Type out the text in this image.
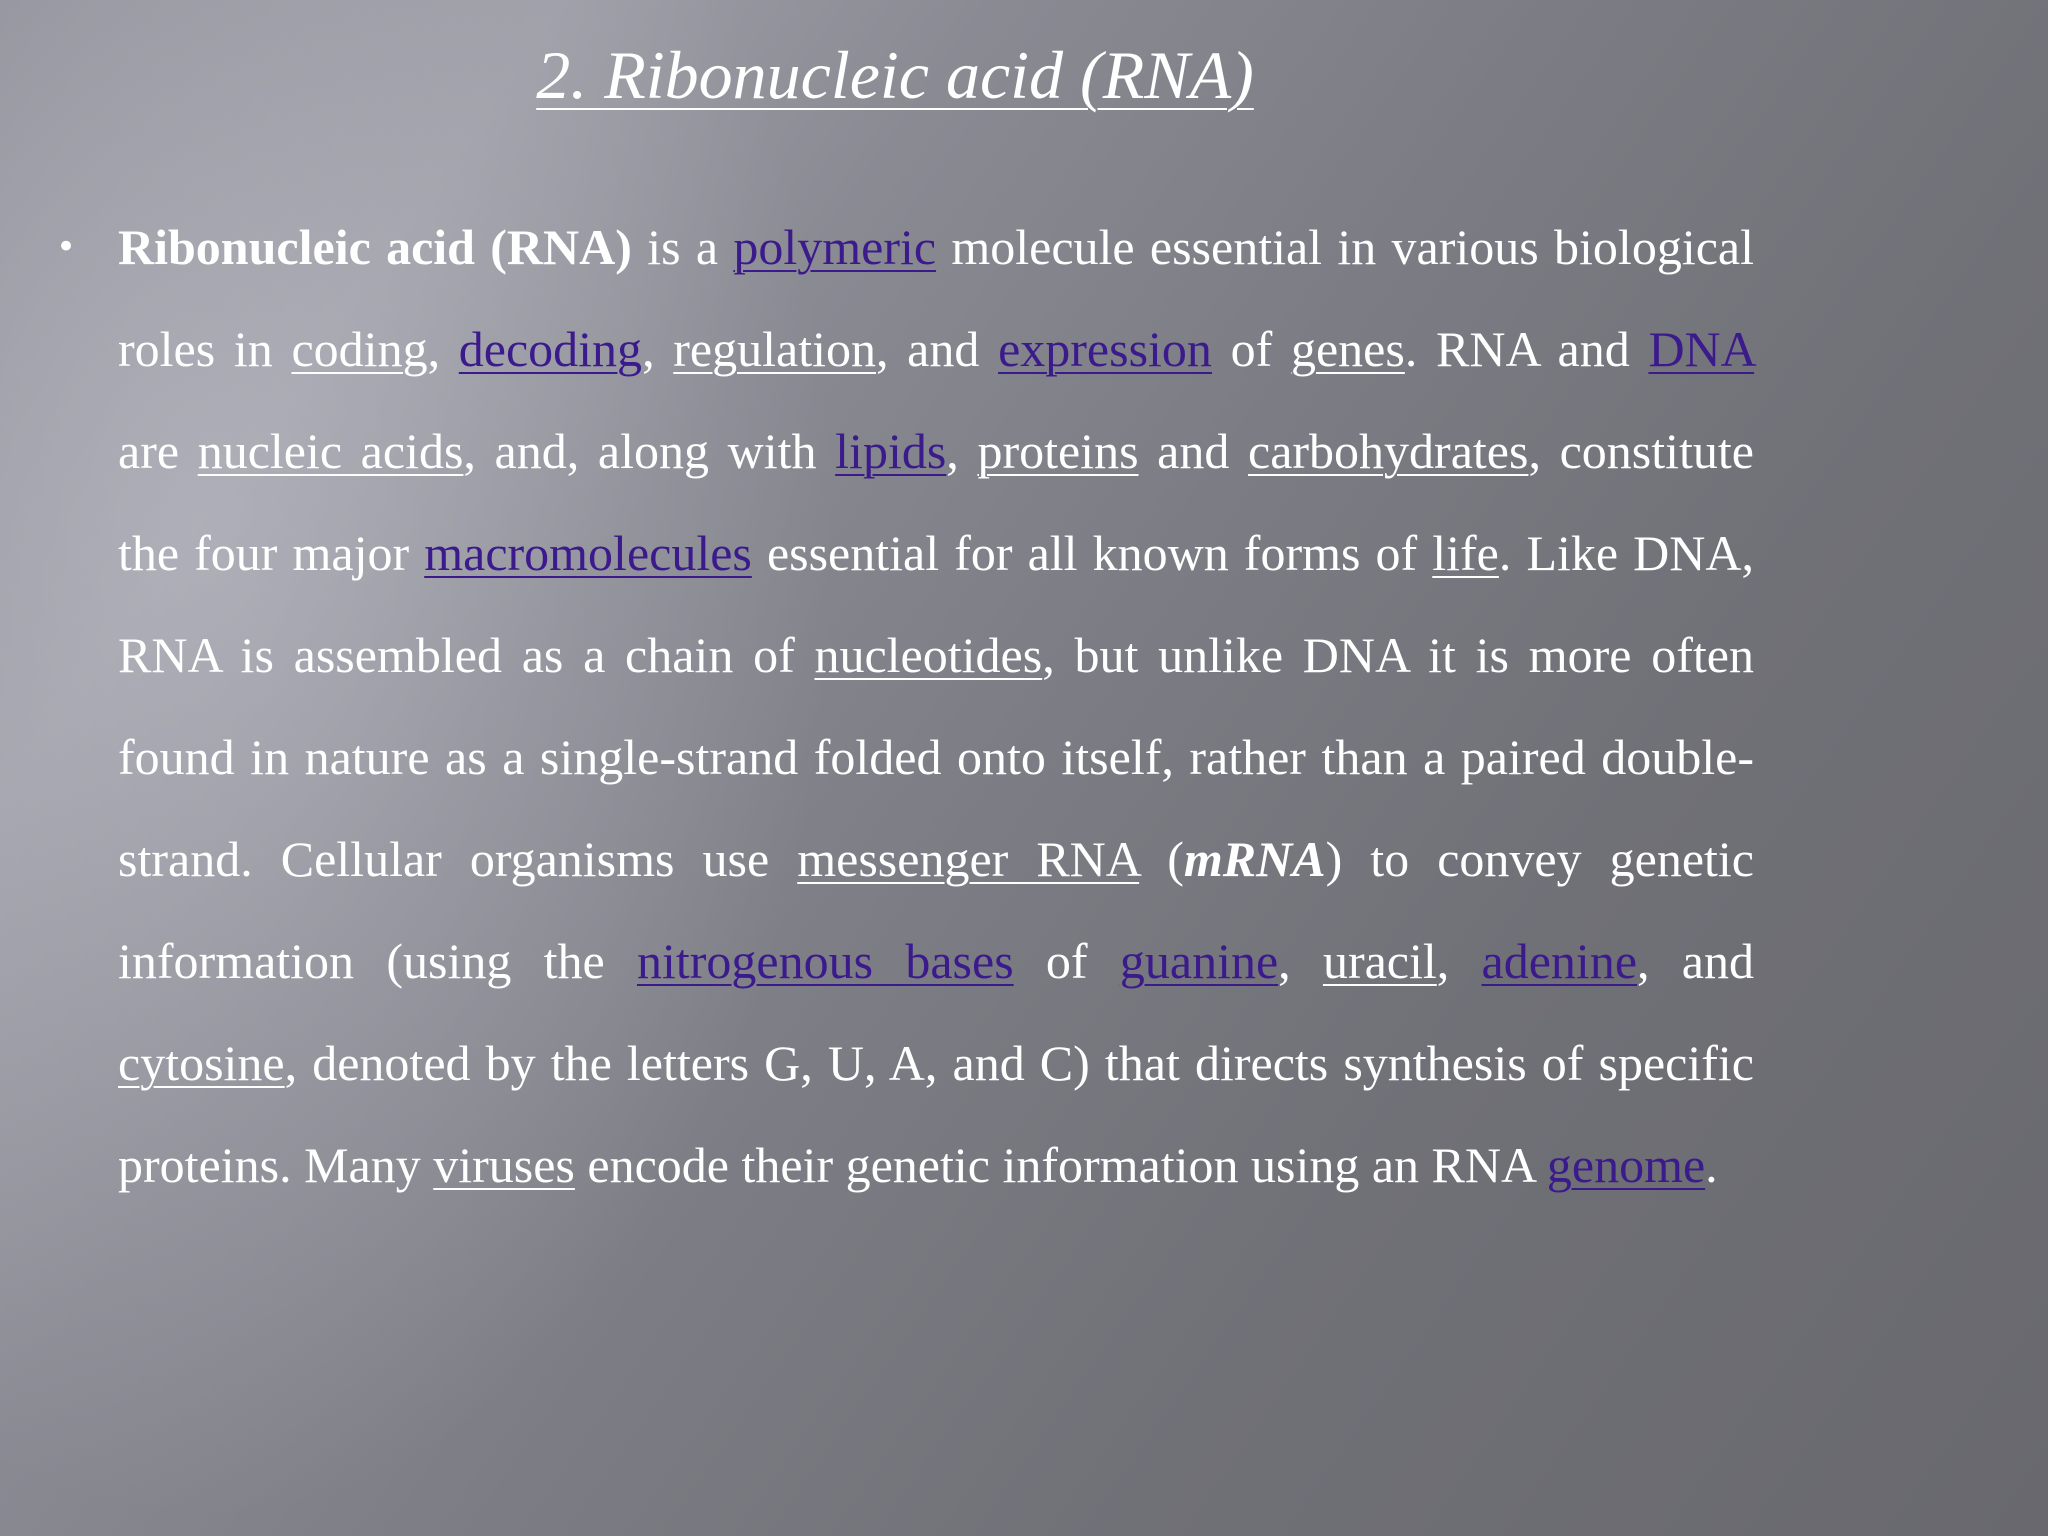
2. Ribonucleic acid (RNA)
• Ribonucleic acid (RNA) is a polymeric molecule essential in various biological roles in coding, decoding, regulation, and expression of genes. RNA and DNA are nucleic acids, and, along with lipids, proteins and carbohydrates, constitute the four major macromolecules essential for all known forms of life. Like DNA, RNA is assembled as a chain of nucleotides, but unlike DNA it is more often found in nature as a single-strand folded onto itself, rather than a paired double-strand. Cellular organisms use messenger RNA (mRNA) to convey genetic information (using the nitrogenous bases of guanine, uracil, adenine, and cytosine, denoted by the letters G, U, A, and C) that directs synthesis of specific proteins. Many viruses encode their genetic information using an RNA genome.
